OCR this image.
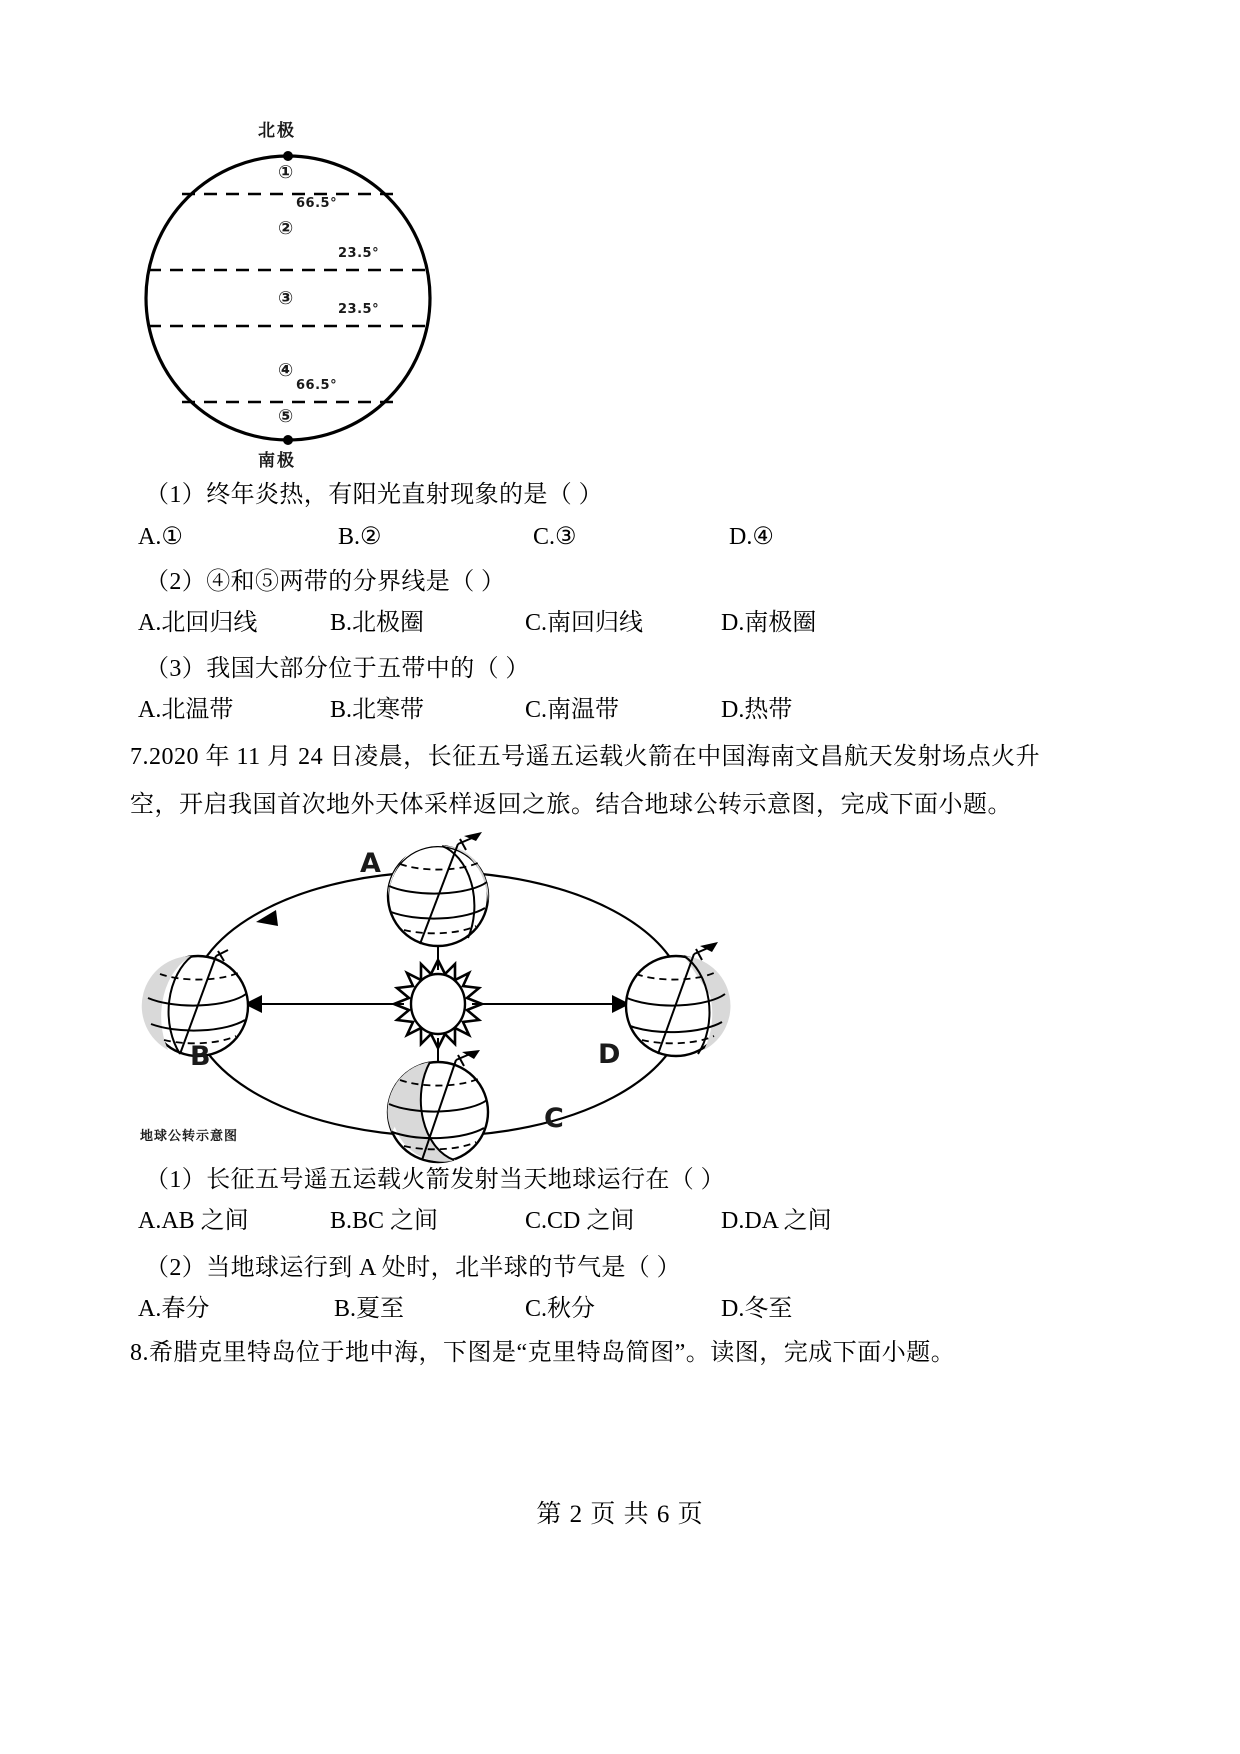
北极
南极
①
②
③
④
⑤
66.5°
23.5°
23.5°
66.5°
（1）终年炎热，有阳光直射现象的是（ ）
A.①	B.②	C.③	D.④
（2）④和⑤两带的分界线是（ ）
A.北回归线	B.北极圈	C.南回归线	D.南极圈
（3）我国大部分位于五带中的（ ）
A.北温带	B.北寒带	C.南温带	D.热带
7.2020 年 11 月 24 日凌晨，长征五号遥五运载火箭在中国海南文昌航天发射场点火升
空，开启我国首次地外天体采样返回之旅。结合地球公转示意图，完成下面小题。
A
B
C
D
地球公转示意图
（1）长征五号遥五运载火箭发射当天地球运行在（ ）
A.AB 之间	B.BC 之间	C.CD 之间	D.DA 之间
（2）当地球运行到 A 处时，北半球的节气是（ ）
A.春分	B.夏至	C.秋分	D.冬至
8.希腊克里特岛位于地中海，下图是“克里特岛简图”。读图，完成下面小题。
第 2 页 共 6 页
